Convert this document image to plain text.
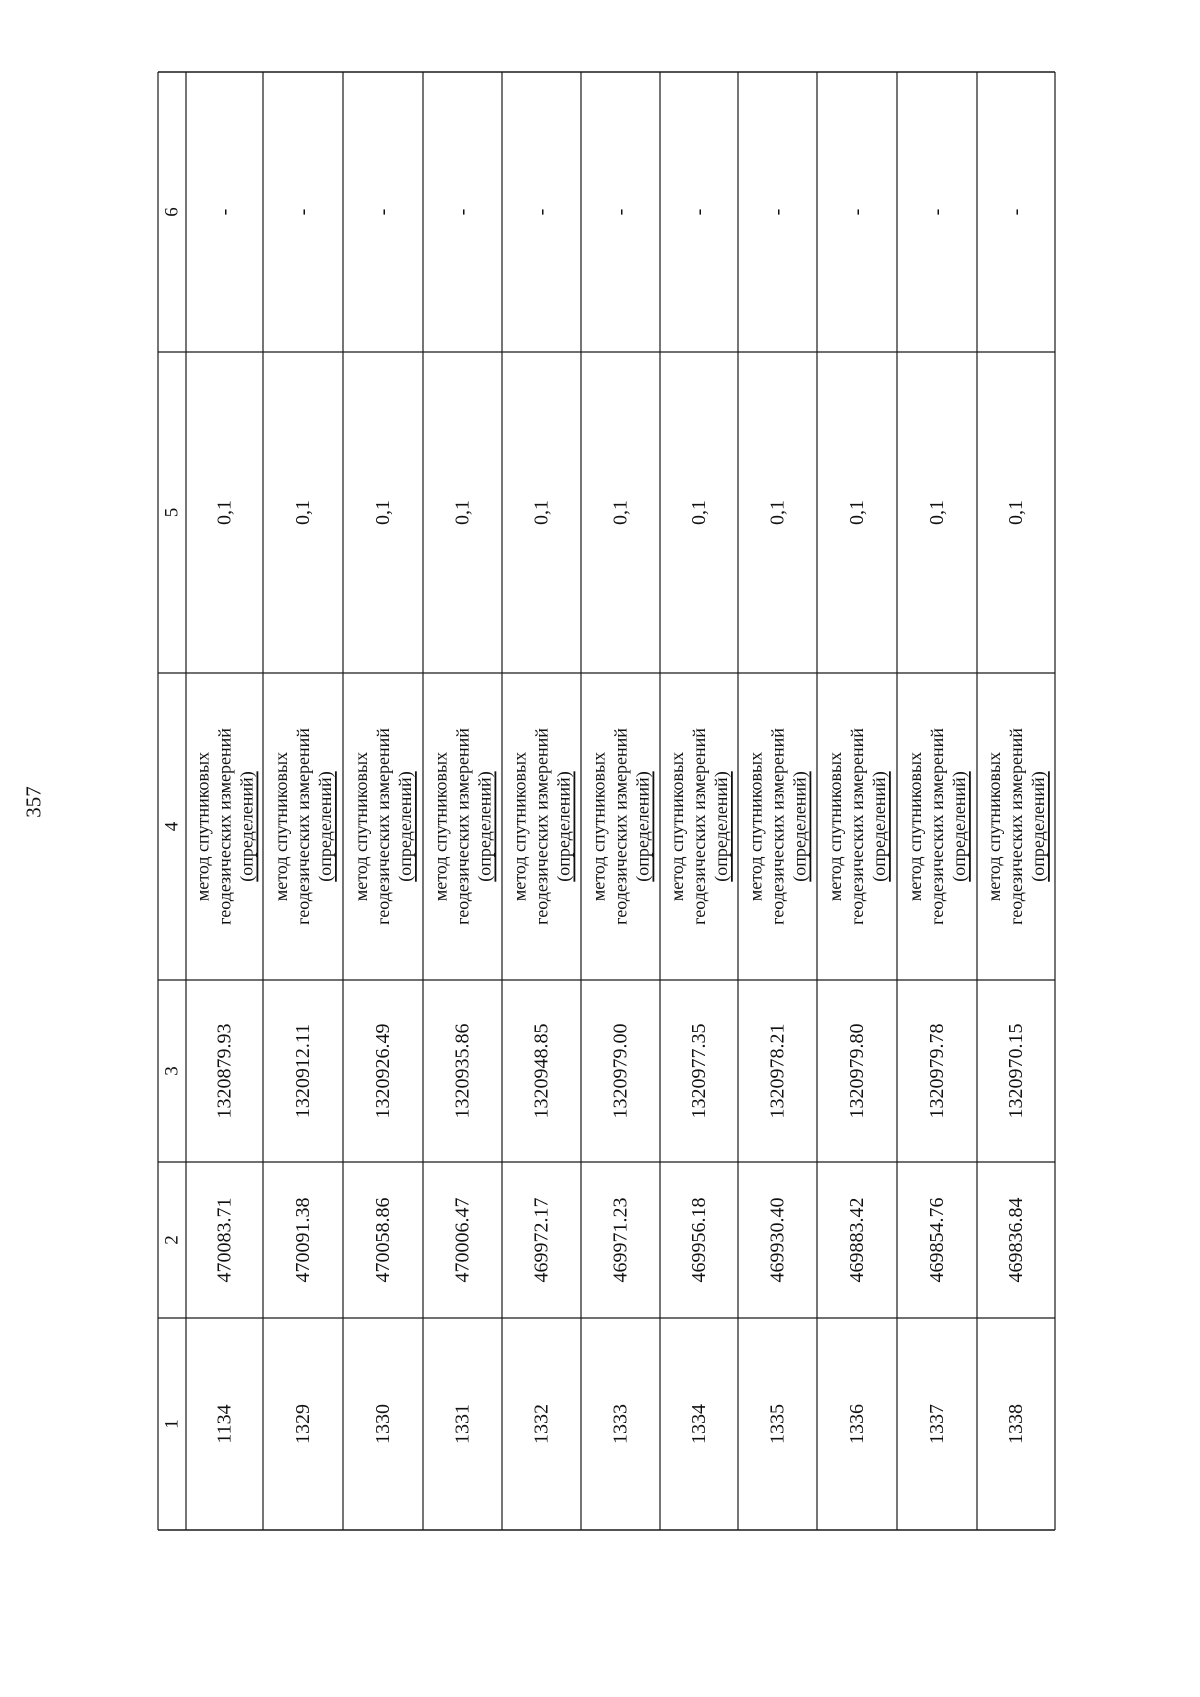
357
1
2
3
4
5
6
1134
470083.71
1320879.93
метод спутниковых геодезических измерений (определений)
0,1
-
1329
470091.38
1320912.11
метод спутниковых геодезических измерений (определений)
0,1
-
1330
470058.86
1320926.49
метод спутниковых геодезических измерений (определений)
0,1
-
1331
470006.47
1320935.86
метод спутниковых геодезических измерений (определений)
0,1
-
1332
469972.17
1320948.85
метод спутниковых геодезических измерений (определений)
0,1
-
1333
469971.23
1320979.00
метод спутниковых геодезических измерений (определений)
0,1
-
1334
469956.18
1320977.35
метод спутниковых геодезических измерений (определений)
0,1
-
1335
469930.40
1320978.21
метод спутниковых геодезических измерений (определений)
0,1
-
1336
469883.42
1320979.80
метод спутниковых геодезических измерений (определений)
0,1
-
1337
469854.76
1320979.78
метод спутниковых геодезических измерений (определений)
0,1
-
1338
469836.84
1320970.15
метод спутниковых геодезических измерений (определений)
0,1
-
